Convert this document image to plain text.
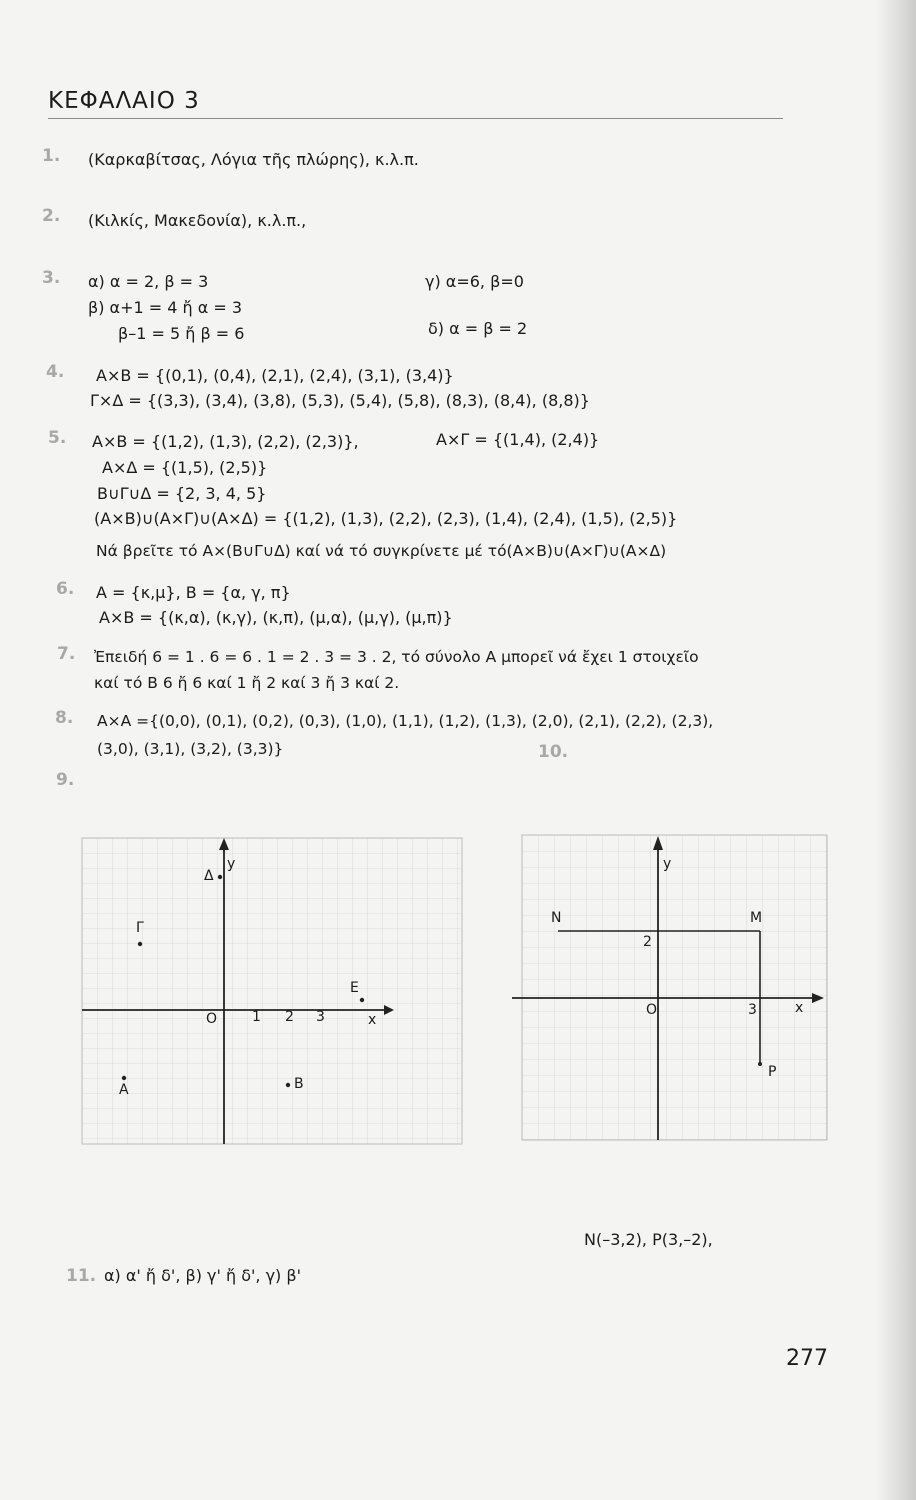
ΚΕΦΑΛΑΙΟ 3
1. (Καρκαβίτσας, Λόγια τῆς πλώρης), κ.λ.π.
2. (Κιλκίς, Μακεδονία), κ.λ.π.,
3. α) α = 2, β = 3
β) α+1 = 4 ἤ α = 3
β–1 = 5 ἤ β = 6
γ) α=6, β=0
δ) α = β = 2
4. A×B = {(0,1), (0,4), (2,1), (2,4), (3,1), (3,4)}
Γ×Δ = {(3,3), (3,4), (3,8), (5,3), (5,4), (5,8), (8,3), (8,4), (8,8)}
5. A×B = {(1,2), (1,3), (2,2), (2,3)},	A×Γ = {(1,4), (2,4)}
A×Δ = {(1,5), (2,5)}
B∪Γ∪Δ = {2, 3, 4, 5}
(A×B)∪(A×Γ)∪(A×Δ) = {(1,2), (1,3), (2,2), (2,3), (1,4), (2,4), (1,5), (2,5)}
Νά βρεῖτε τό A×(B∪Γ∪Δ) καί νά τό συγκρίνετε μέ τό(A×B)∪(A×Γ)∪(A×Δ)
6. A = {κ,μ}, B = {α, γ, π}
A×B = {(κ,α), (κ,γ), (κ,π), (μ,α), (μ,γ), (μ,π)}
7. Ἐπειδή 6 = 1 . 6 = 6 . 1 = 2 . 3 = 3 . 2, τό σύνολο A μπορεῖ νά ἔχει 1 στοιχεῖο
καί τό B 6 ἤ 6 καί 1 ἤ 2 καί 3 ἤ 3 καί 2.
8. A×A ={(0,0), (0,1), (0,2), (0,3), (1,0), (1,1), (1,2), (1,3), (2,0), (2,1), (2,2), (2,3),
(3,0), (3,1), (3,2), (3,3)}
9.
10.
y
Δ
Γ
E
O 1 2 3	x
A	B
y
N	M
2
O	3	x
P
N(–3,2), P(3,–2),
11. α) α' ἤ δ', β) γ' ἤ δ', γ) β'
277
